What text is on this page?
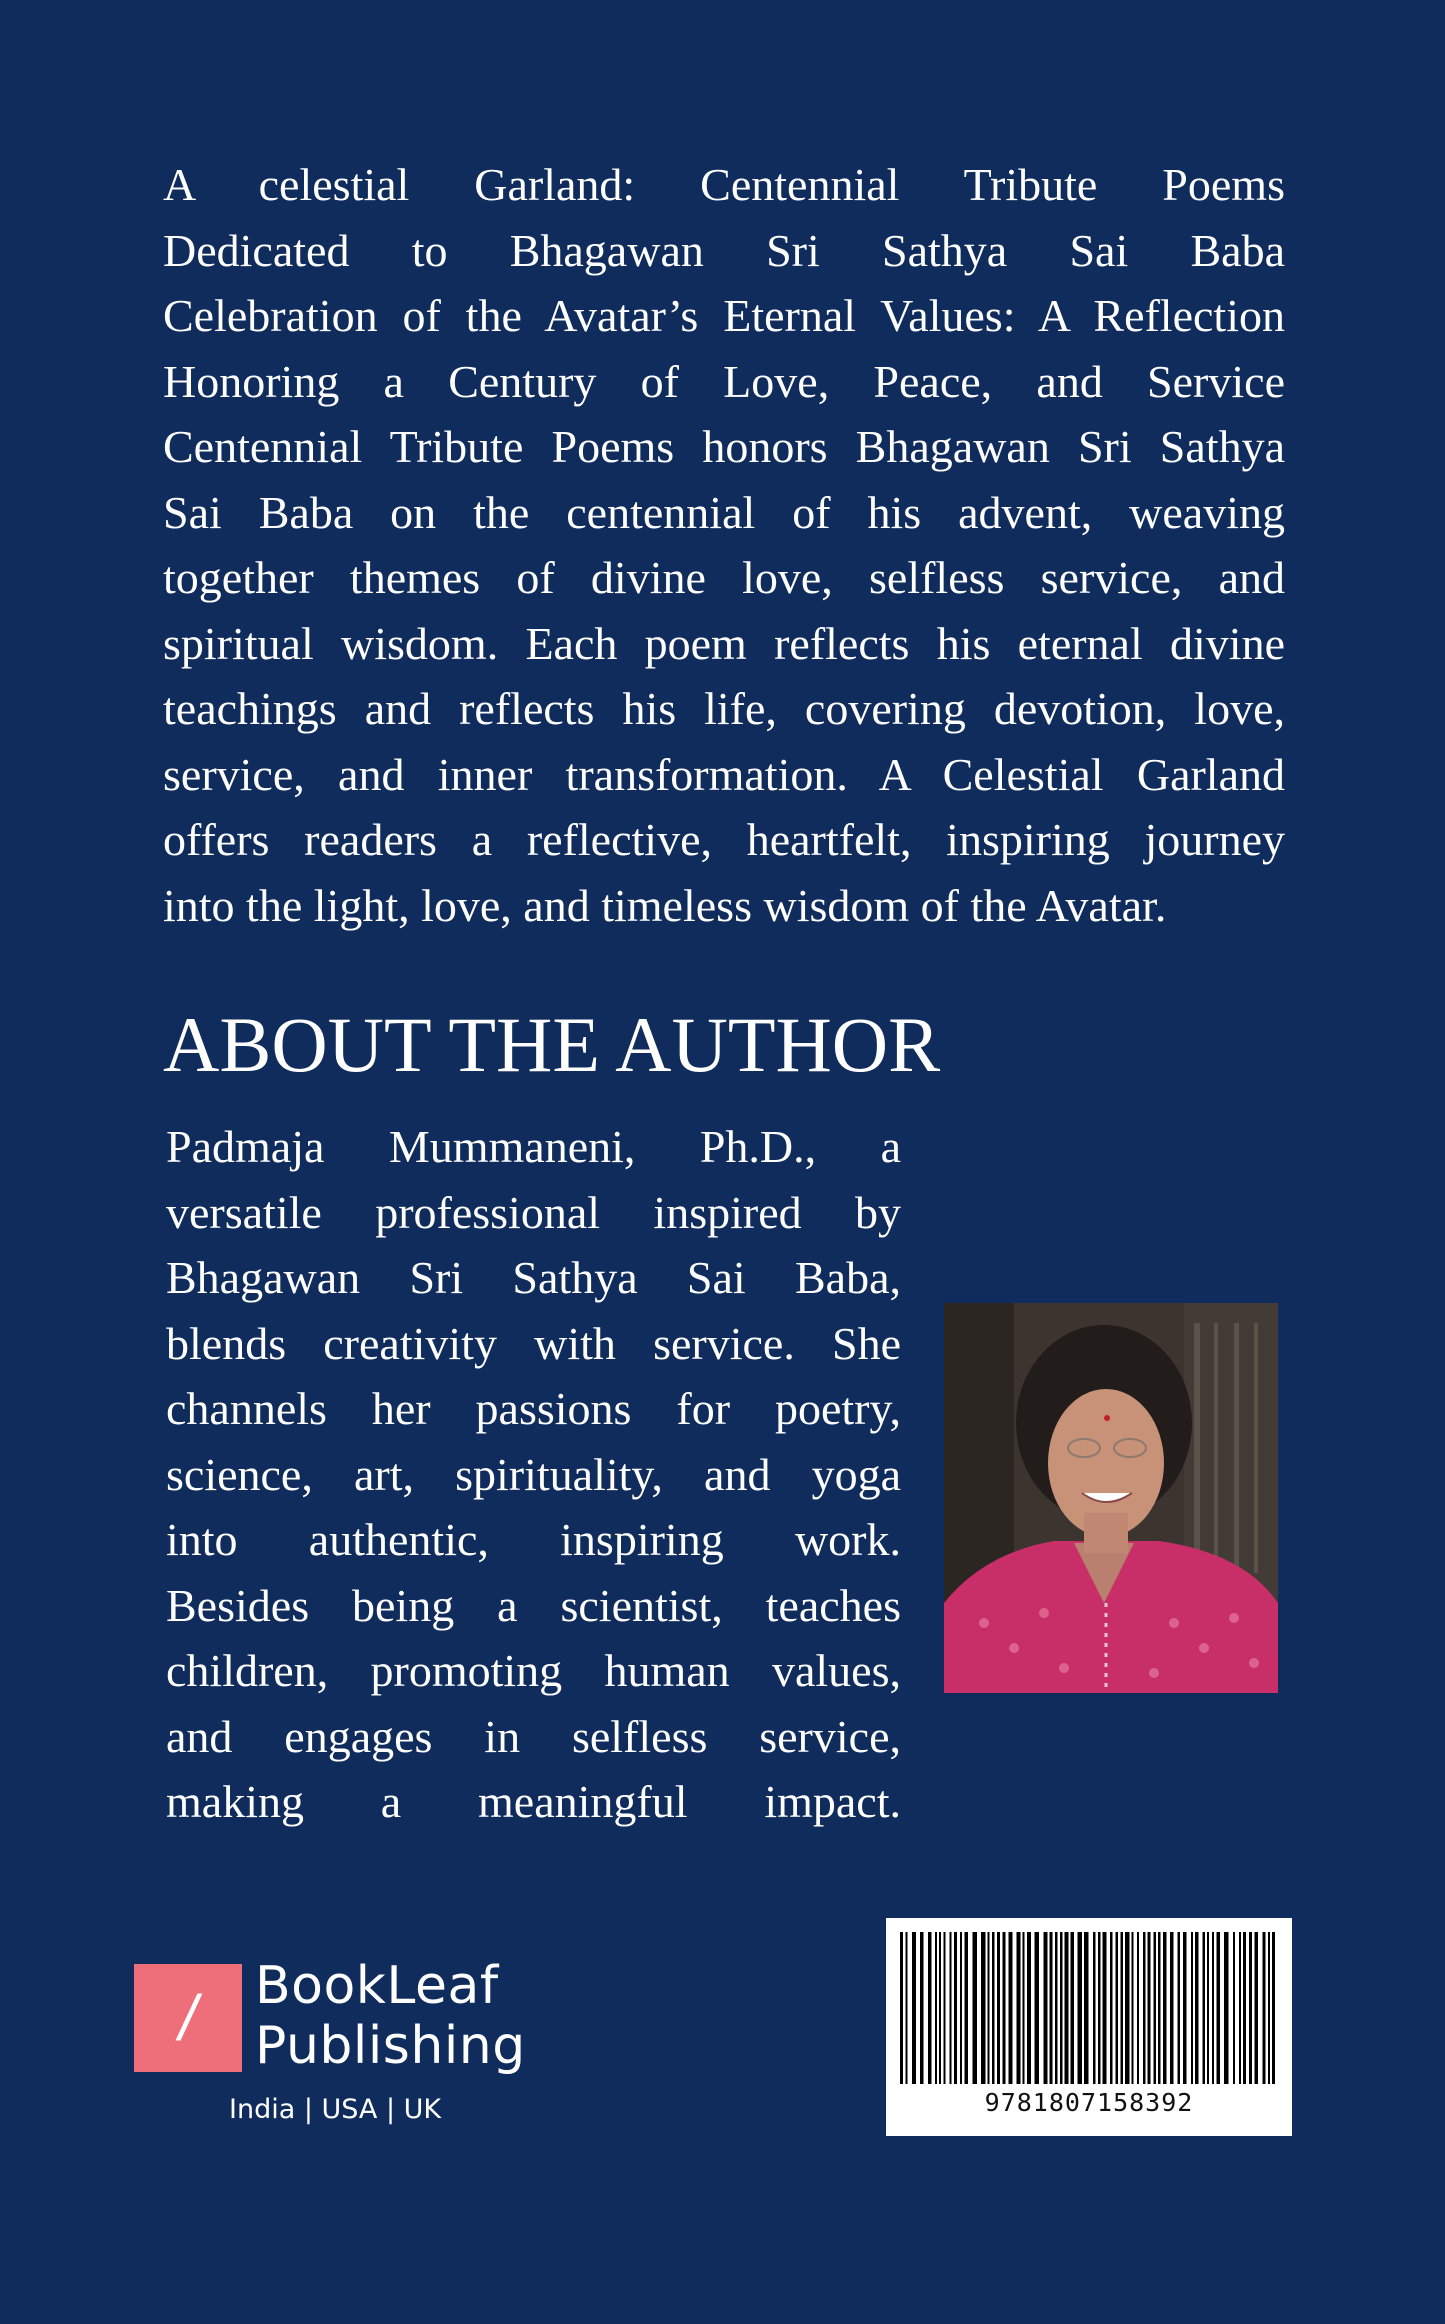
A celestial Garland: Centennial Tribute Poems

Dedicated to Bhagawan Sri Sathya Sai Baba

Celebration of the Avatar’s Eternal Values: A Reflection

Honoring a Century of Love, Peace, and Service

Centennial Tribute Poems honors Bhagawan Sri Sathya

Sai Baba on the centennial of his advent, weaving

together themes of divine love, selfless service, and

spiritual wisdom. Each poem reflects his eternal divine

teachings and reflects his life, covering devotion, love,

service, and inner transformation. A Celestial Garland

offers readers a reflective, heartfelt, inspiring journey

into the light, love, and timeless wisdom of the Avatar.

ABOUT THE AUTHOR

Padmaja Mummaneni, Ph.D., a

versatile professional inspired by

Bhagawan Sri Sathya Sai Baba,

blends creativity with service. She

channels her passions for poetry,

science, art, spirituality, and yoga

into authentic, inspiring work.

Besides being a scientist, teaches

children, promoting human values,

and engages in selfless service,

making a meaningful impact.

/	BookLeaf
Publishing
India | USA | UK	9781807158392
